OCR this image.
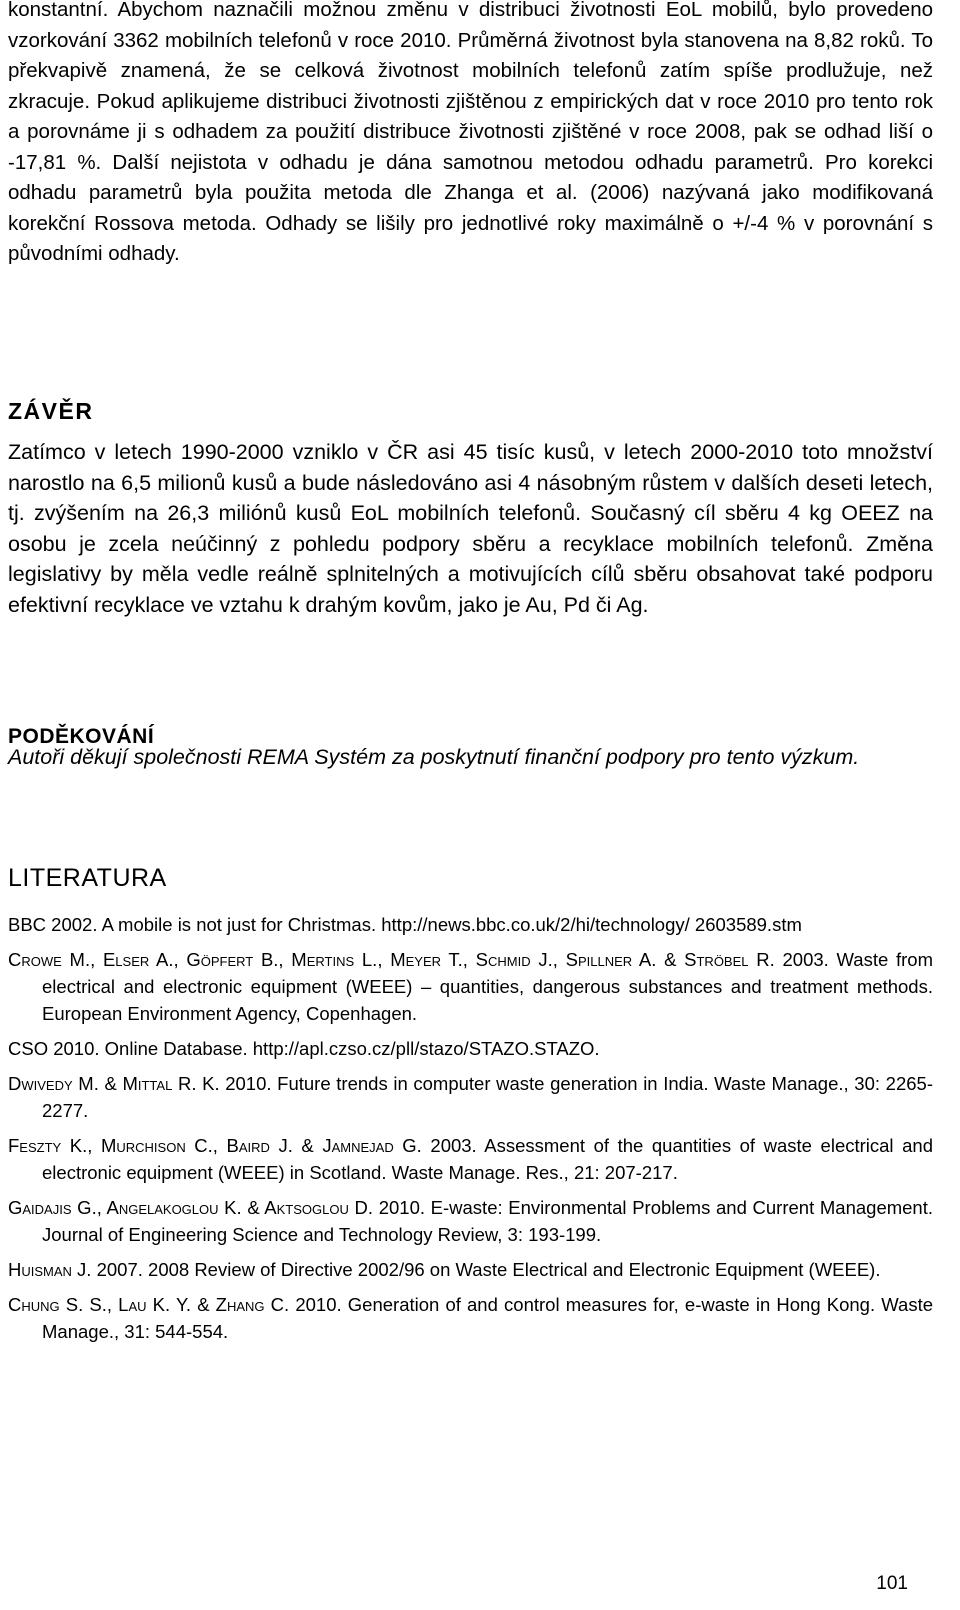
konstantní. Abychom naznačili možnou změnu v distribuci životnosti EoL mobilů, bylo provedeno vzorkování 3362 mobilních telefonů v roce 2010. Průměrná životnost byla stanovena na 8,82 roků. To překvapivě znamená, že se celková životnost mobilních telefonů zatím spíše prodlužuje, než zkracuje. Pokud aplikujeme distribuci životnosti zjištěnou z empirických dat v roce 2010 pro tento rok a porovnáme ji s odhadem za použití distribuce životnosti zjištěné v roce 2008, pak se odhad liší o -17,81 %. Další nejistota v odhadu je dána samotnou metodou odhadu parametrů. Pro korekci odhadu parametrů byla použita metoda dle Zhanga et al. (2006) nazývaná jako modifikovaná korekční Rossova metoda. Odhady se lišily pro jednotlivé roky maximálně o +/-4 % v porovnání s původními odhady.

ZÁVĚR

Zatímco v letech 1990-2000 vzniklo v ČR asi 45 tisíc kusů, v letech 2000-2010 toto množství narostlo na 6,5 milionů kusů a bude následováno asi 4 násobným růstem v dalších deseti letech, tj. zvýšením na 26,3 miliónů kusů EoL mobilních telefonů. Současný cíl sběru 4 kg OEEZ na osobu je zcela neúčinný z pohledu podpory sběru a recyklace mobilních telefonů. Změna legislativy by měla vedle reálně splnitelných a motivujících cílů sběru obsahovat také podporu efektivní recyklace ve vztahu k drahým kovům, jako je Au, Pd či Ag.

PODĚKOVÁNÍ

Autoři děkují společnosti REMA Systém za poskytnutí finanční podpory pro tento výzkum.

LITERATURA
BBC 2002. A mobile is not just for Christmas. http://news.bbc.co.uk/2/hi/technology/ 2603589.stm
Crowe M., Elser A., Göpfert B., Mertins L., Meyer T., Schmid J., Spillner A. & Ströbel R. 2003. Waste from electrical and electronic equipment (WEEE) – quantities, dangerous substances and treatment methods. European Environment Agency, Copenhagen.
CSO 2010. Online Database. http://apl.czso.cz/pll/stazo/STAZO.STAZO.
Dwivedy M. & Mittal R. K. 2010. Future trends in computer waste generation in India. Waste Manage., 30: 2265-2277.
Feszty K., Murchison C., Baird J. & Jamnejad G. 2003. Assessment of the quantities of waste electrical and electronic equipment (WEEE) in Scotland. Waste Manage. Res., 21: 207-217.
Gaidajis G., Angelakoglou K. & Aktsoglou D. 2010. E-waste: Environmental Problems and Current Management. Journal of Engineering Science and Technology Review, 3: 193-199.
Huisman J. 2007. 2008 Review of Directive 2002/96 on Waste Electrical and Electronic Equipment (WEEE).
Chung S. S., Lau K. Y. & Zhang C. 2010. Generation of and control measures for, e-waste in Hong Kong. Waste Manage., 31: 544-554.

101
